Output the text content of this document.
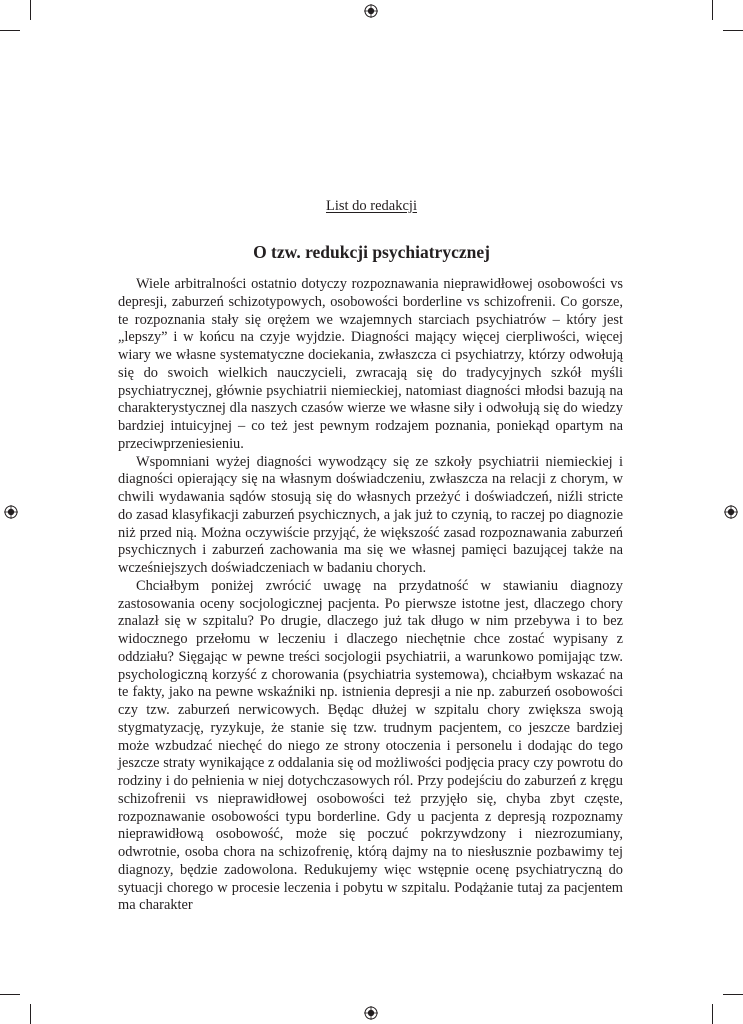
List do redakcji
O tzw. redukcji psychiatrycznej

Wiele arbitralności ostatnio dotyczy rozpoznawania nieprawidłowej osobowości vs depresji, zaburzeń schizotypowych, osobowości borderline vs schizofrenii. Co gorsze, te rozpoznania stały się orężem we wzajemnych starciach psychiatrów – który jest „lepszy” i w końcu na czyje wyjdzie. Diagności mający więcej cierpliwości, więcej wiary we własne systematyczne dociekania, zwłaszcza ci psychiatrzy, którzy odwołują się do swoich wielkich nauczycieli, zwracają się do tradycyjnych szkół myśli psychiatrycznej, głównie psychiatrii niemieckiej, natomiast diagności młodsi bazują na charakterystycznej dla naszych czasów wierze we własne siły i odwołują się do wiedzy bardziej intuicyjnej – co też jest pewnym rodzajem poznania, poniekąd opartym na przeciwprzeniesieniu.

Wspomniani wyżej diagności wywodzący się ze szkoły psychiatrii niemieckiej i diagności opierający się na własnym doświadczeniu, zwłaszcza na relacji z chorym, w chwili wydawania sądów stosują się do własnych przeżyć i doświadczeń, niźli stricte do zasad klasyfikacji zaburzeń psychicznych, a jak już to czynią, to raczej po diagnozie niż przed nią. Można oczywiście przyjąć, że większość zasad rozpoznawania zaburzeń psychicznych i zaburzeń zachowania ma się we własnej pamięci bazującej także na wcześniejszych doświadczeniach w badaniu chorych.

Chciałbym poniżej zwrócić uwagę na przydatność w stawianiu diagnozy zastosowania oceny socjologicznej pacjenta. Po pierwsze istotne jest, dlaczego chory znalazł się w szpitalu? Po drugie, dlaczego już tak długo w nim przebywa i to bez widocznego przełomu w leczeniu i dlaczego niechętnie chce zostać wypisany z oddziału? Sięgając w pewne treści socjologii psychiatrii, a warunkowo pomijając tzw. psychologiczną korzyść z chorowania (psychiatria systemowa), chciałbym wskazać na te fakty, jako na pewne wskaźniki np. istnienia depresji a nie np. zaburzeń osobowości czy tzw. zaburzeń nerwicowych. Będąc dłużej w szpitalu chory zwiększa swoją stygmatyzację, ryzykuje, że stanie się tzw. trudnym pacjentem, co jeszcze bardziej może wzbudzać niechęć do niego ze strony otoczenia i personelu i dodając do tego jeszcze straty wynikające z oddalania się od możliwości podjęcia pracy czy powrotu do rodziny i do pełnienia w niej dotychczasowych ról. Przy podejściu do zaburzeń z kręgu schizofrenii vs nieprawidłowej osobowości też przyjęło się, chyba zbyt częste, rozpoznawanie osobowości typu borderline. Gdy u pacjenta z depresją rozpoznamy nieprawidłową osobowość, może się poczuć pokrzywdzony i niezrozumiany, odwrotnie, osoba chora na schizofrenię, którą dajmy na to niesłusznie pozbawimy tej diagnozy, będzie zadowolona. Redukujemy więc wstępnie ocenę psychiatryczną do sytuacji chorego w procesie leczenia i pobytu w szpitalu. Podążanie tutaj za pacjentem ma charakter
